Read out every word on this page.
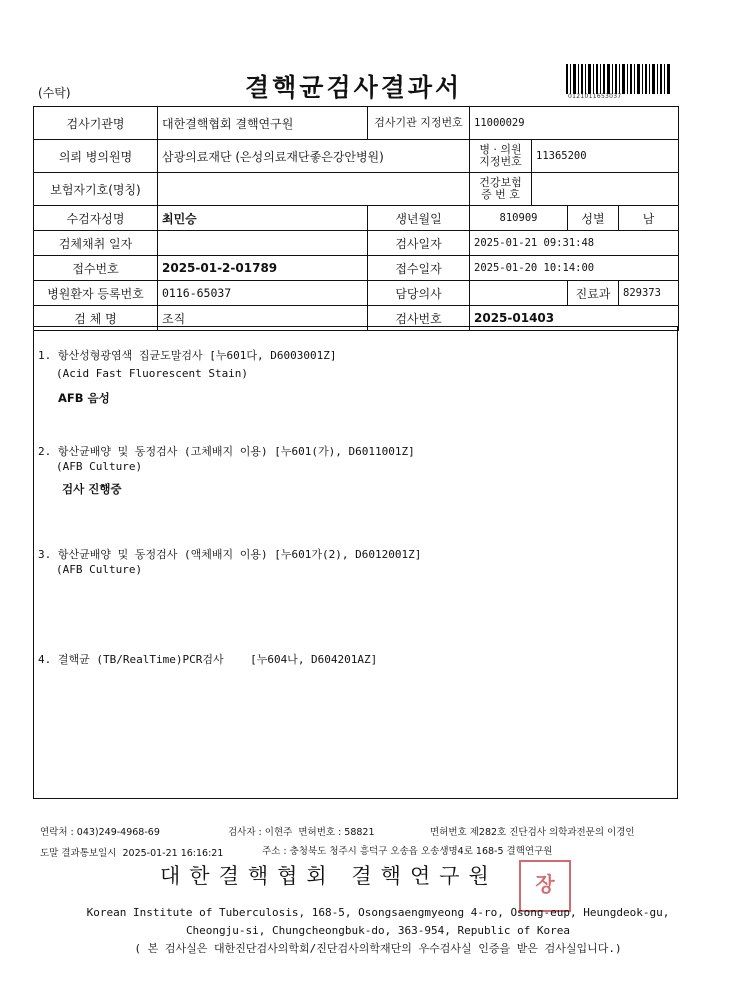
(수탁)	결핵균검사결과서	0121011653037
검사기관명	대한결핵협회 결핵연구원	검사기관 지정번호	11000029			
의뢰 병의원명	삼광의료재단 (은성의료재단좋은강안병원)		병 · 의원 지정번호	11365200		
보험자기호(명칭)			건강보험 증 번 호			
수검자성명	최민승	생년월일	810909		성별	남
검체채취 일자		검사일자	2025-01-21 09:31:48			
접수번호	2025-01-2-01789	접수일자	2025-01-20 10:14:00			
병원환자 등록번호	0116-65037	담당의사			진료과	829373
검 체 명	조직	검사번호	2025-01403			
1. 항산성형광염색 집균도말검사 [누601다, D6003001Z]
(Acid Fast Fluorescent Stain)
AFB 음성
2. 항산균배양 및 동정검사 (고체배지 이용) [누601(가), D6011001Z]
(AFB Culture)
검사 진행중
3. 항산균배양 및 동정검사 (액체배지 이용) [누601가(2), D6012001Z]
(AFB Culture)
4. 결핵균 (TB/RealTime)PCR검사    [누604나, D604201AZ]
연락처 : 043)249-4968-69	검사자 : 이현주  면허번호 : 58821	면허번호 제282호 진단검사 의학과전문의 이경인
도말 결과통보일시  2025-01-21 16:16:21	주소 : 충청북도 청주시 흥덕구 오송읍 오송생명4로 168-5 결핵연구원
대한결핵협회 결핵연구원	장
Korean Institute of Tuberculosis, 168-5, Osongsaengmyeong 4-ro, Osong-eup, Heungdeok-gu,
Cheongju-si, Chungcheongbuk-do, 363-954, Republic of Korea
( 본 검사실은 대한진단검사의학회/진단검사의학재단의 우수검사실 인증을 받은 검사실입니다.)
